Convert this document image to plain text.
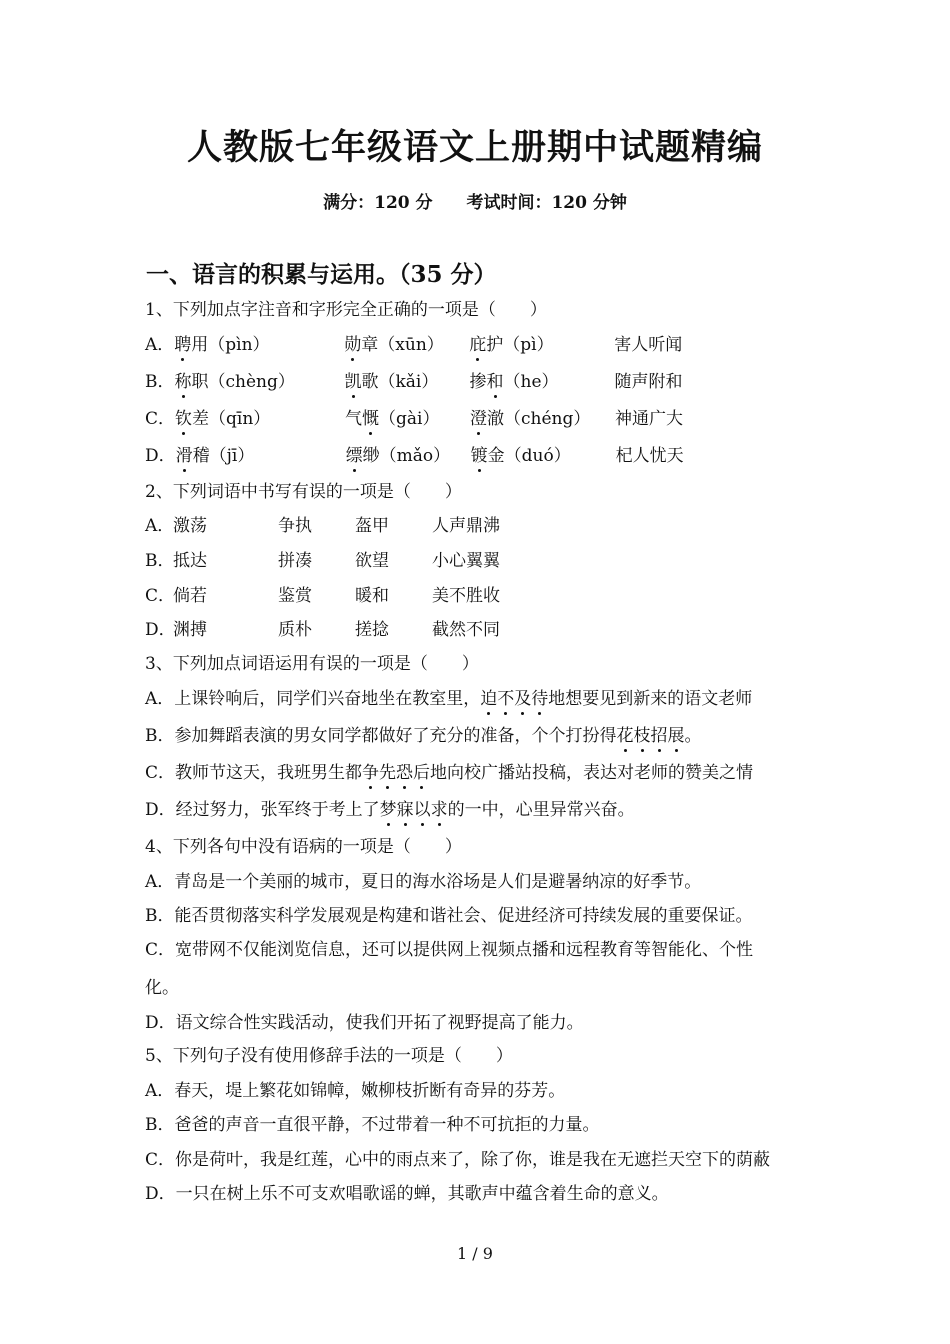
人教版七年级语文上册期中试题精编
满分：120 分 考试时间：120 分钟
一、语言的积累与运用。（35 分）
1、下列加点字注音和字形完全正确的一项是（　　）
A．聘用（pìn）	勋章（xūn） 庇护（pì）	害人听闻
B．称职（chèng）	凯歌（kǎi） 掺和（he）	随声附和
C．钦差（qīn）	气慨（gài） 澄澈（chéng） 神通广大
D．滑稽（jī）	缥缈（mǎo） 镀金（duó）	杞人忧天
2、下列词语中书写有误的一项是（　　）
A．激荡	争执	盔甲	人声鼎沸
B．抵达	拼凑	欲望	小心翼翼
C．倘若	鉴赏	暖和	美不胜收
D．渊搏	质朴	搓捻	截然不同
3、下列加点词语运用有误的一项是（　　）
A．上课铃响后，同学们兴奋地坐在教室里，迫不及待地想要见到新来的语文老师
B．参加舞蹈表演的男女同学都做好了充分的准备，个个打扮得花枝招展。
C．教师节这天，我班男生都争先恐后地向校广播站投稿，表达对老师的赞美之情
D．经过努力，张军终于考上了梦寐以求的一中，心里异常兴奋。
4、下列各句中没有语病的一项是（　　）
A．青岛是一个美丽的城市，夏日的海水浴场是人们是避暑纳凉的好季节。
B．能否贯彻落实科学发展观是构建和谐社会、促进经济可持续发展的重要保证。
C．宽带网不仅能浏览信息，还可以提供网上视频点播和远程教育等智能化、个性
化。
D．语文综合性实践活动，使我们开拓了视野提高了能力。
5、下列句子没有使用修辞手法的一项是（　　）
A．春天，堤上繁花如锦幛，嫩柳枝折断有奇异的芬芳。
B．爸爸的声音一直很平静，不过带着一种不可抗拒的力量。
C．你是荷叶，我是红莲，心中的雨点来了，除了你，谁是我在无遮拦天空下的荫蔽
D．一只在树上乐不可支欢唱歌谣的蝉，其歌声中蕴含着生命的意义。
1 / 9
